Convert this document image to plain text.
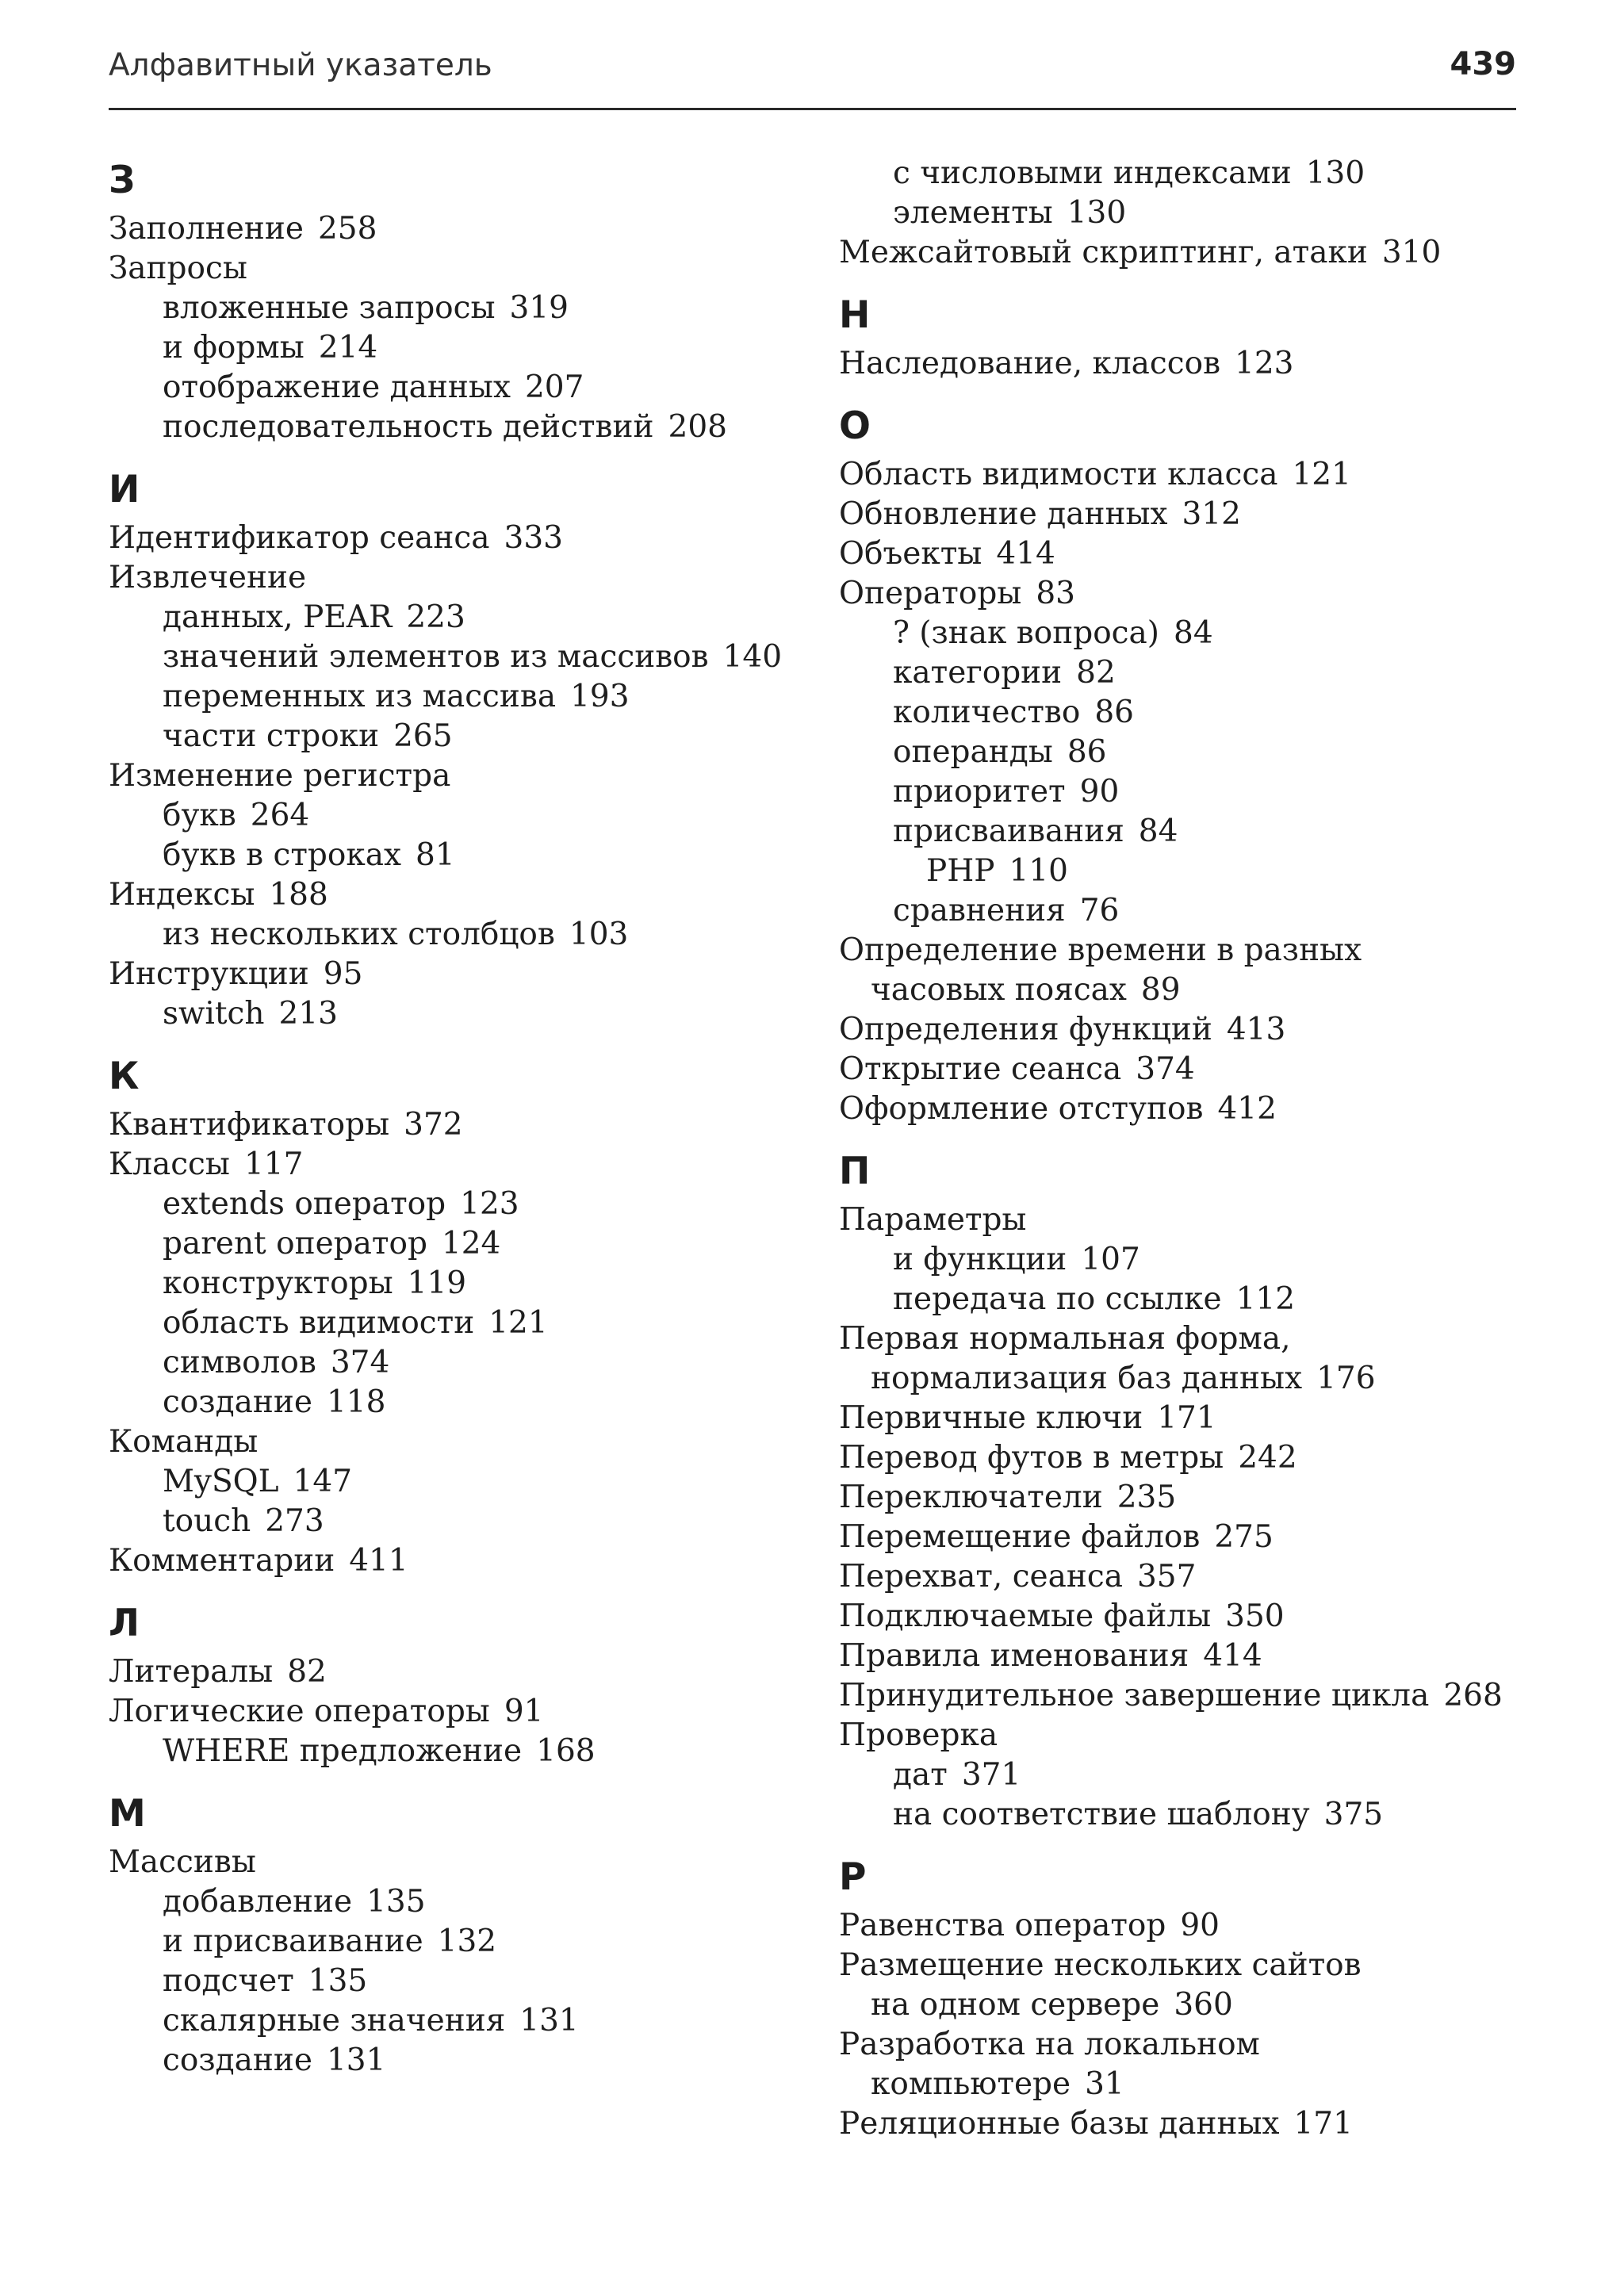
Алфавитный указатель	439
З
Заполнение 258
Запросы
вложенные запросы 319
и формы 214
отображение данных 207
последовательность действий 208
И
Идентификатор сеанса 333
Извлечение
данных, PEAR 223
значений элементов из массивов 140
переменных из массива 193
части строки 265
Изменение регистра
букв 264
букв в строках 81
Индексы 188
из нескольких столбцов 103
Инструкции 95
switch 213
К
Квантификаторы 372
Классы 117
extends оператор 123
parent оператор 124
конструкторы 119
область видимости 121
символов 374
создание 118
Команды
MySQL 147
touch 273
Комментарии 411
Л
Литералы 82
Логические операторы 91
WHERE предложение 168
М
Массивы
добавление 135
и присваивание 132
подсчет 135
скалярные значения 131
создание 131
с числовыми индексами 130
элементы 130
Межсайтовый скриптинг, атаки 310
Н
Наследование, классов 123
О
Область видимости класса 121
Обновление данных 312
Объекты 414
Операторы 83
? (знак вопроса) 84
категории 82
количество 86
операнды 86
приоритет 90
присваивания 84
PHP 110
сравнения 76
Определение времени в разных
часовых поясах 89
Определения функций 413
Открытие сеанса 374
Оформление отступов 412
П
Параметры
и функции 107
передача по ссылке 112
Первая нормальная форма,
нормализация баз данных 176
Первичные ключи 171
Перевод футов в метры 242
Переключатели 235
Перемещение файлов 275
Перехват, сеанса 357
Подключаемые файлы 350
Правила именования 414
Принудительное завершение цикла 268
Проверка
дат 371
на соответствие шаблону 375
Р
Равенства оператор 90
Размещение нескольких сайтов
на одном сервере 360
Разработка на локальном
компьютере 31
Реляционные базы данных 171
